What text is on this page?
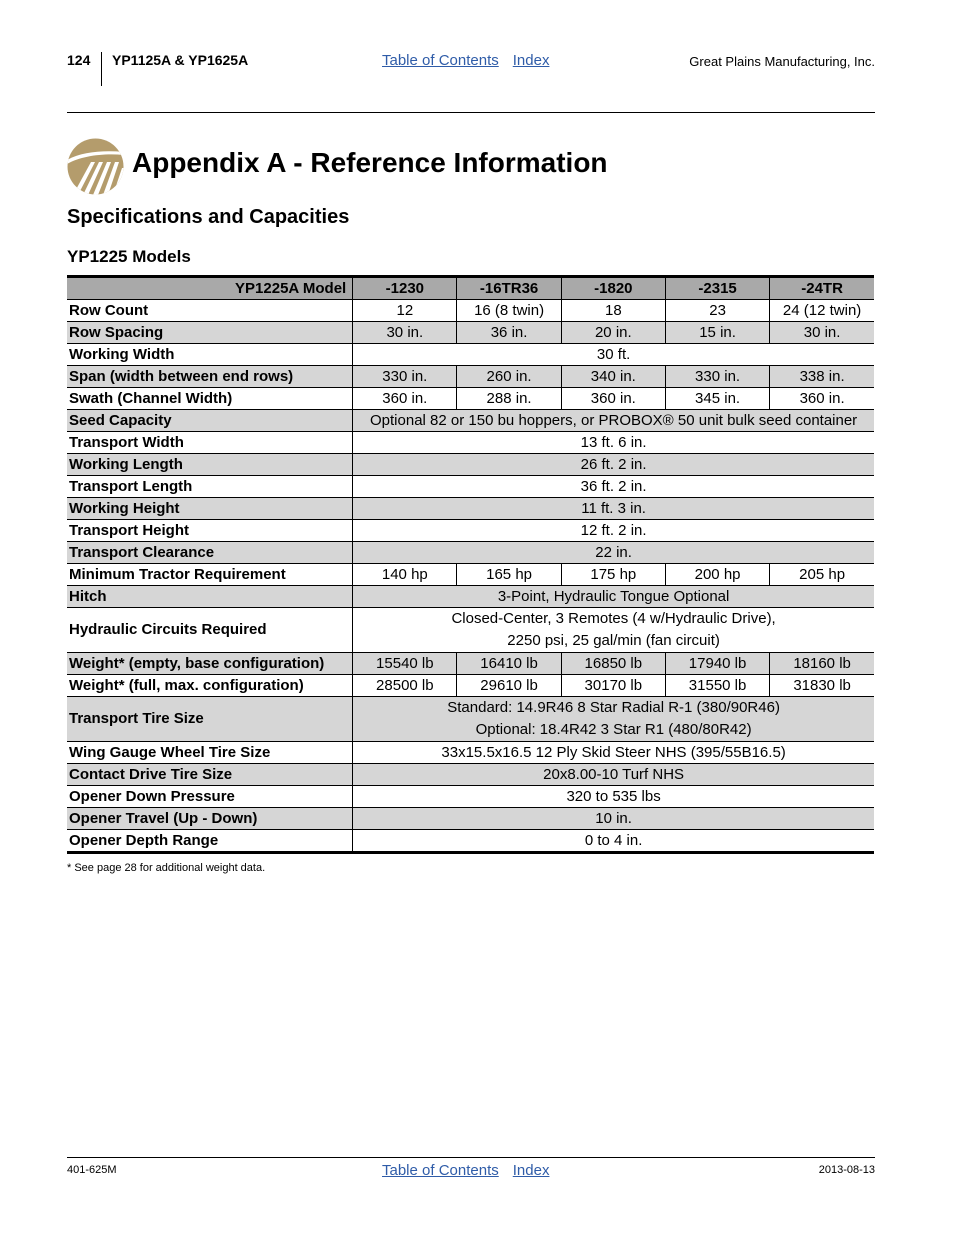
124 YP1125A & YP1625A	Table of Contents Index	Great Plains Manufacturing, Inc.
Appendix A - Reference Information
Specifications and Capacities
YP1225 Models
YP1225A Model	-1230	-16TR36	-1820	-2315	-24TR
Row Count	12	16 (8 twin)	18	23	24 (12 twin)
Row Spacing	30 in.	36 in.	20 in.	15 in.	30 in.
Working Width	30 ft.				
Span (width between end rows)	330 in.	260 in.	340 in.	330 in.	338 in.
Swath (Channel Width)	360 in.	288 in.	360 in.	345 in.	360 in.
Seed Capacity	Optional 82 or 150 bu hoppers, or PROBOX® 50 unit bulk seed container				
Transport Width	13 ft. 6 in.				
Working Length	26 ft. 2 in.				
Transport Length	36 ft. 2 in.				
Working Height	11 ft. 3 in.				
Transport Height	12 ft. 2 in.				
Transport Clearance	22 in.				
Minimum Tractor Requirement	140 hp	165 hp	175 hp	200 hp	205 hp
Hitch	3-Point, Hydraulic Tongue Optional				
Hydraulic Circuits Required	Closed-Center, 3 Remotes (4 w/Hydraulic Drive),
2250 psi, 25 gal/min (fan circuit)				

Weight* (empty, base configuration)	15540 lb	16410 lb	16850 lb	17940 lb	18160 lb
Weight* (full, max. configuration)	28500 lb	29610 lb	30170 lb	31550 lb	31830 lb
Transport Tire Size	Standard: 14.9R46 8 Star Radial R-1 (380/90R46)
Optional: 18.4R42 3 Star R1 (480/80R42)				

Wing Gauge Wheel Tire Size	33x15.5x16.5 12 Ply Skid Steer NHS (395/55B16.5)				
Contact Drive Tire Size	20x8.00-10 Turf NHS				
Opener Down Pressure	320 to 535 lbs				
Opener Travel (Up - Down)	10 in.				
Opener Depth Range	0 to 4 in.				
* See page 28 for additional weight data.
401-625M	Table of Contents Index	2013-08-13
